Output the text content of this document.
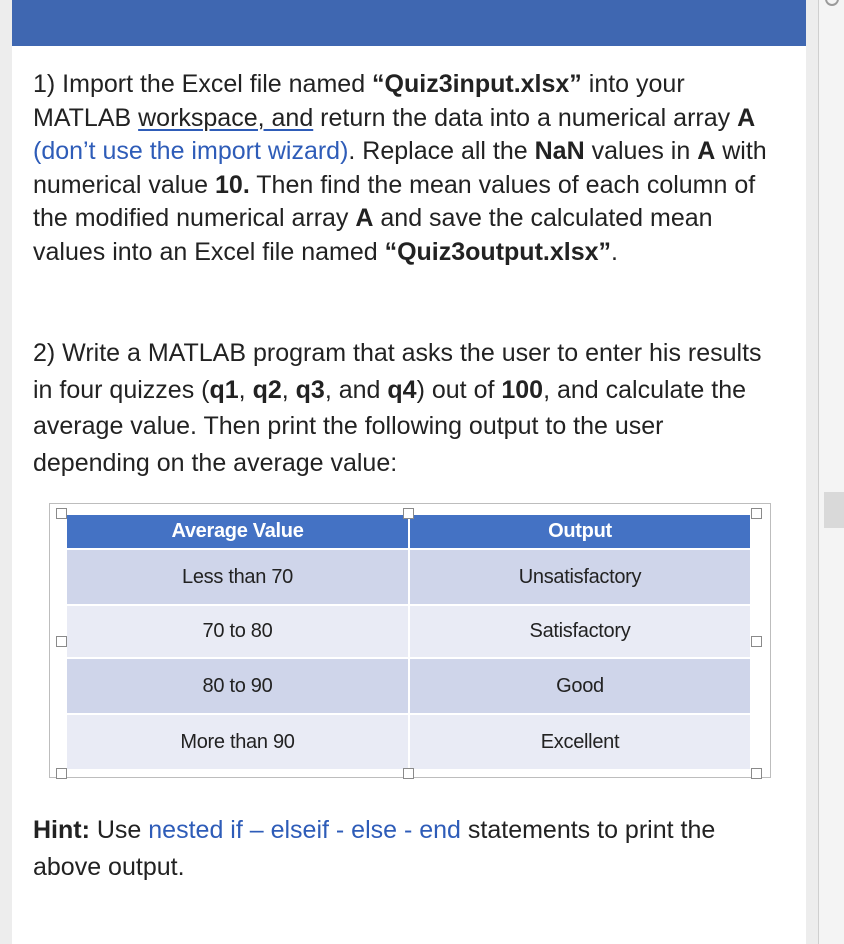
1) Import the Excel file named “Quiz3input.xlsx” into your MATLAB workspace, and return the data into a numerical array A (don’t use the import wizard). Replace all the NaN values in A with numerical value 10. Then find the mean values of each column of the modified numerical array A and save the calculated mean values into an Excel file named “Quiz3output.xlsx”.
2) Write a MATLAB program that asks the user to enter his results in four quizzes (q1, q2, q3, and q4) out of 100, and calculate the average value. Then print the following output to the user depending on the average value:
Average Value	Output
Less than 70	Unsatisfactory
70 to 80	Satisfactory
80 to 90	Good
More than 90	Excellent
Hint: Use nested if – elseif - else - end statements to print the above output.
